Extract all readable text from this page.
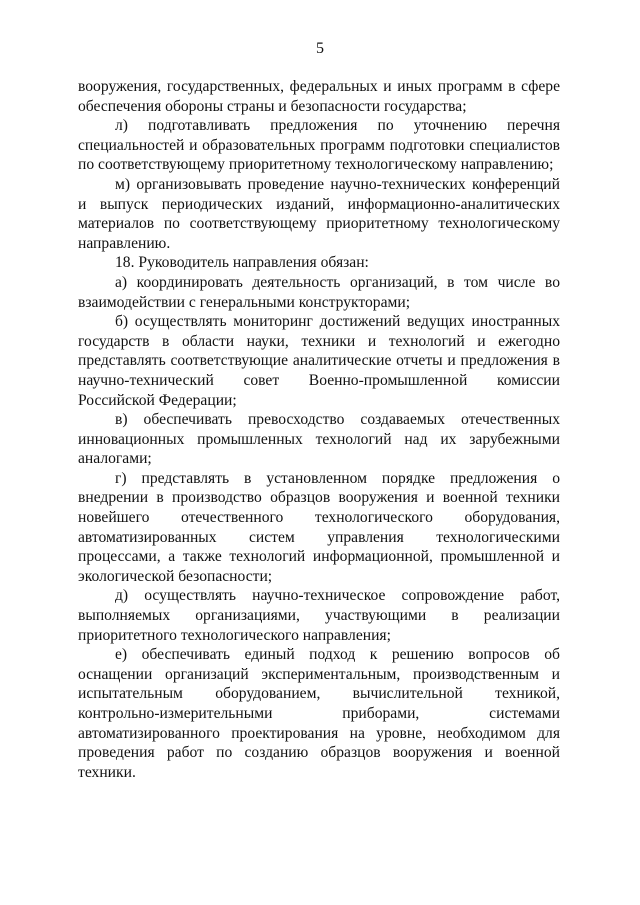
5

вооружения, государственных, федеральных и иных программ в сфере обеспечения обороны страны и безопасности государства;

л) подготавливать предложения по уточнению перечня специальностей и образовательных программ подготовки специалистов по соответствующему приоритетному технологическому направлению;

м) организовывать проведение научно-технических конференций и выпуск периодических изданий, информационно-аналитических материалов по соответствующему приоритетному технологическому направлению.

18. Руководитель направления обязан:

а) координировать деятельность организаций, в том числе во взаимодействии с генеральными конструкторами;

б) осуществлять мониторинг достижений ведущих иностранных государств в области науки, техники и технологий и ежегодно представлять соответствующие аналитические отчеты и предложения в научно-технический совет Военно-промышленной комиссии Российской Федерации;

в) обеспечивать превосходство создаваемых отечественных инновационных промышленных технологий над их зарубежными аналогами;

г) представлять в установленном порядке предложения о внедрении в производство образцов вооружения и военной техники новейшего отечественного технологического оборудования, автоматизированных систем управления технологическими процессами, а также технологий информационной, промышленной и экологической безопасности;

д) осуществлять научно-техническое сопровождение работ, выполняемых организациями, участвующими в реализации приоритетного технологического направления;

е) обеспечивать единый подход к решению вопросов об оснащении организаций экспериментальным, производственным и испытательным оборудованием, вычислительной техникой, контрольно-измерительными приборами, системами автоматизированного проектирования на уровне, необходимом для проведения работ по созданию образцов вооружения и военной техники.
